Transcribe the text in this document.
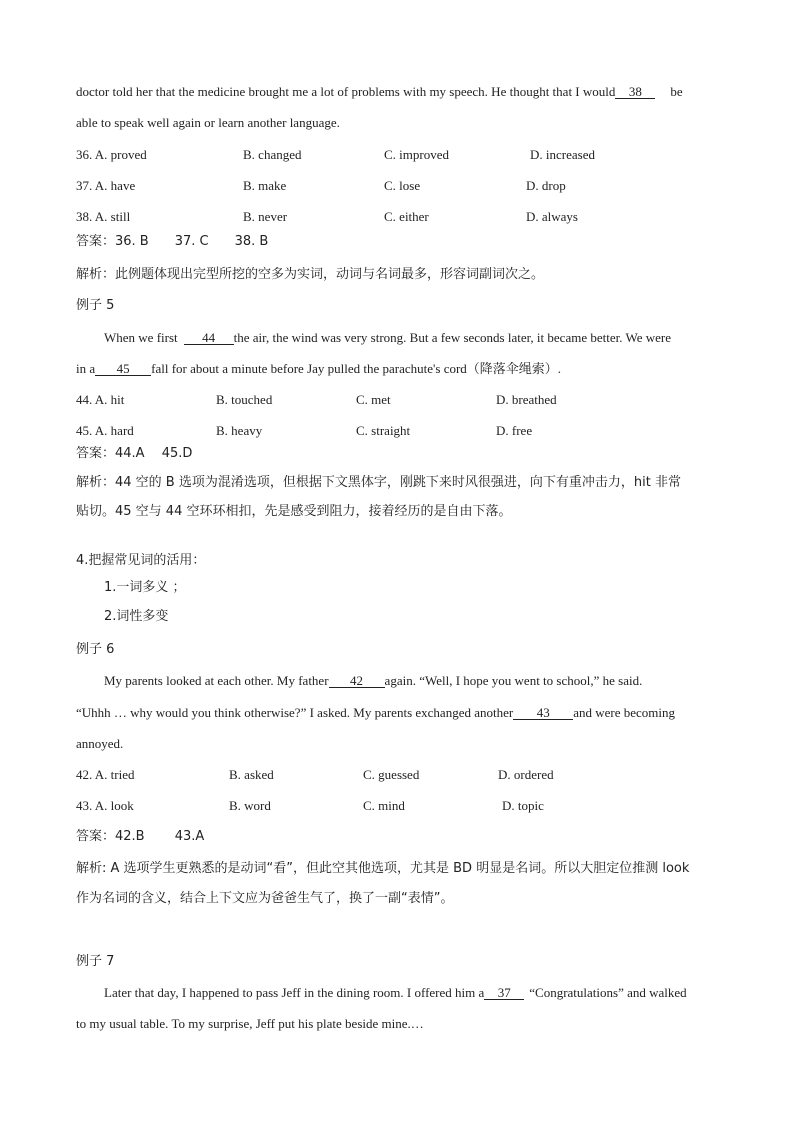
doctor told her that the medicine brought me a lot of problems with my speech. He thought that I would 38 be
able to speak well again or learn another language.
36. A. proved	B. changed	C. improved	D. increased
37. A. have	B. make	C. lose	D. drop
38. A. still	B. never	C. either	D. always
答案：36. B　　37. C　　38. B
解析：此例题体现出完型所挖的空多为实词，动词与名词最多，形容词副词次之。
例子 5
When we first 44 the air, the wind was very strong. But a few seconds later, it became better. We were
in a 45 fall for about a minute before Jay pulled the parachute's cord（降落伞绳索）.
44. A. hit	B. touched	C. met	D. breathed
45. A. hard	B. heavy	C. straight	D. free
答案：44.A　 45.D
解析：44 空的 B 选项为混淆选项，但根据下文黑体字，刚跳下来时风很强进，向下有重冲击力，hit 非常
贴切。45 空与 44 空环环相扣，先是感受到阻力，接着经历的是自由下落。
4.把握常见词的活用：
1.一词多义 ；
2.词性多变
例子 6
My parents looked at each other. My father 42 again. “Well, I hope you went to school,” he said.
“Uhhh … why would you think otherwise?” I asked. My parents exchanged another 43 and were becoming
annoyed.
42. A. tried	B. asked	C. guessed	D. ordered
43. A. look	B. word	C. mind	D. topic
答案：42.B　　 43.A
解析: A 选项学生更熟悉的是动词“看”，但此空其他选项，尤其是 BD 明显是名词。所以大胆定位推测 look
作为名词的含义，结合上下文应为爸爸生气了，换了一副“表情”。
例子 7
Later that day, I happened to pass Jeff in the dining room. I offered him a 37 “Congratulations” and walked
to my usual table. To my surprise, Jeff put his plate beside mine.…
